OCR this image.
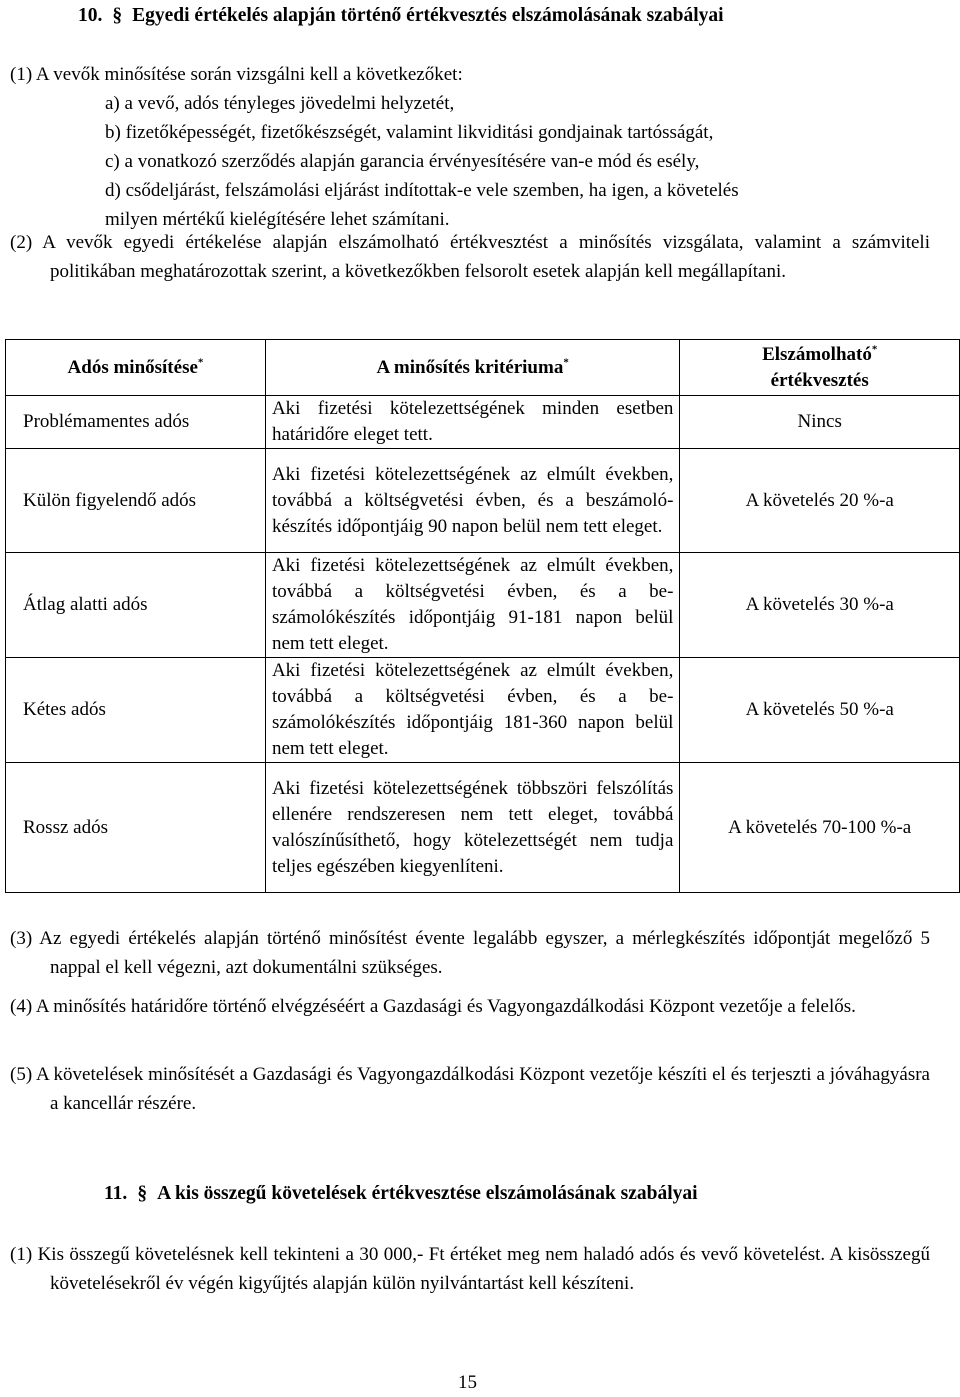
10. § Egyedi értékelés alapján történő értékvesztés elszámolásának szabályai

(1) A vevők minősítése során vizsgálni kell a következőket:

a) a vevő, adós tényleges jövedelmi helyzetét,
b) fizetőképességét, fizetőkészségét, valamint likviditási gondjainak tartósságát,
c) a vonatkozó szerződés alapján garancia érvényesítésére van-e mód és esély,
d) csődeljárást, felszámolási eljárást indítottak-e vele szemben, ha igen, a követelés
milyen mértékű kielégítésére lehet számítani.

(2) A vevők egyedi értékelése alapján elszámolható értékvesztést a minősítés vizsgálata, valamint a számviteli politikában meghatározottak szerint, a következőkben felsorolt esetek alapján kell megállapítani.

Adós minősítése*	A minősítés kritériuma*	Elszámolható*
értékvesztés
Problémamentes adós	Aki fizetési kötelezettségének minden esetben határidőre eleget tett.	Nincs
Külön figyelendő adós	Aki fizetési kötelezettségének az elmúlt években, továbbá a költségvetési évben, és a beszámoló-készítés időpontjáig 90 napon belül nem tett eleget.	A követelés 20 %-a
Átlag alatti adós	Aki fizetési kötelezettségének az elmúlt években, továbbá a költségvetési évben, és a be-számolókészítés időpontjáig 91-181 napon belül nem tett eleget.	A követelés 30 %-a
Kétes adós	Aki fizetési kötelezettségének az elmúlt években, továbbá a költségvetési évben, és a be-számolókészítés időpontjáig 181-360 napon belül nem tett eleget.	A követelés 50 %-a
Rossz adós	Aki fizetési kötelezettségének többszöri felszólítás ellenére rendszeresen nem tett eleget, továbbá valószínűsíthető, hogy kötelezettségét nem tudja teljes egészében kiegyenlíteni.	A követelés 70-100 %-a

(3) Az egyedi értékelés alapján történő minősítést évente legalább egyszer, a mérlegkészítés időpontját megelőző 5 nappal el kell végezni, azt dokumentálni szükséges.

(4) A minősítés határidőre történő elvégzéséért a Gazdasági és Vagyongazdálkodási Központ vezetője a felelős.

(5) A követelések minősítését a Gazdasági és Vagyongazdálkodási Központ vezetője készíti el és terjeszti a jóváhagyásra a kancellár részére.

11. § A kis összegű követelések értékvesztése elszámolásának szabályai

(1) Kis összegű követelésnek kell tekinteni a 30 000,- Ft értéket meg nem haladó adós és vevő követelést. A kisösszegű követelésekről év végén kigyűjtés alapján külön nyilvántartást kell készíteni.

15
